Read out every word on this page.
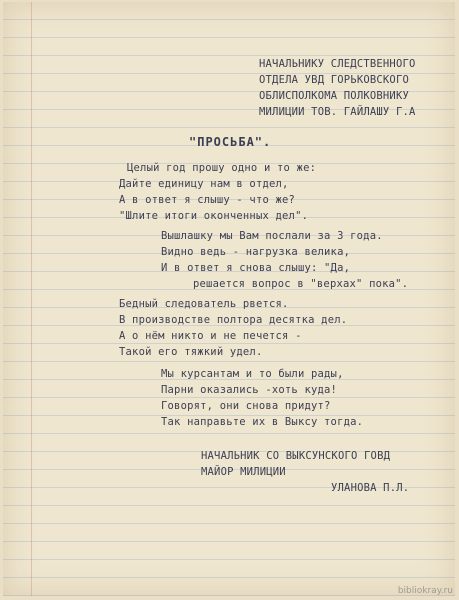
НАЧАЛЬНИКУ СЛЕДСТВЕННОГО
ОТДЕЛА УВД ГОРЬКОВСКОГО
ОБЛИСПОЛКОМА ПОЛКОВНИКУ
МИЛИЦИИ ТОВ. ГАЙЛАШУ Г.А
"ПРОСЬБА".
Целый год прошу одно и то же:
Дайте единицу нам в отдел,
А в ответ я слышу - что же?
"Шлите итоги оконченных дел".
Вышлашку мы Вам послали за 3 года.
Видно ведь - нагрузка велика,
И в ответ я снова слышу: "Да,
решается вопрос в "верхах" пока".
Бедный следователь рвется.
В производстве полтора десятка дел.
А о нём никто и не печется -
Такой его тяжкий удел.
Мы курсантам и то были рады,
Парни оказались -хоть куда!
Говорят, они снова придут?
Так направьте их в Выксу тогда.
НАЧАЛЬНИК СО ВЫКСУНСКОГО ГОВД
МАЙОР МИЛИЦИИ
УЛАНОВА П.Л.
bibliokray.ru
